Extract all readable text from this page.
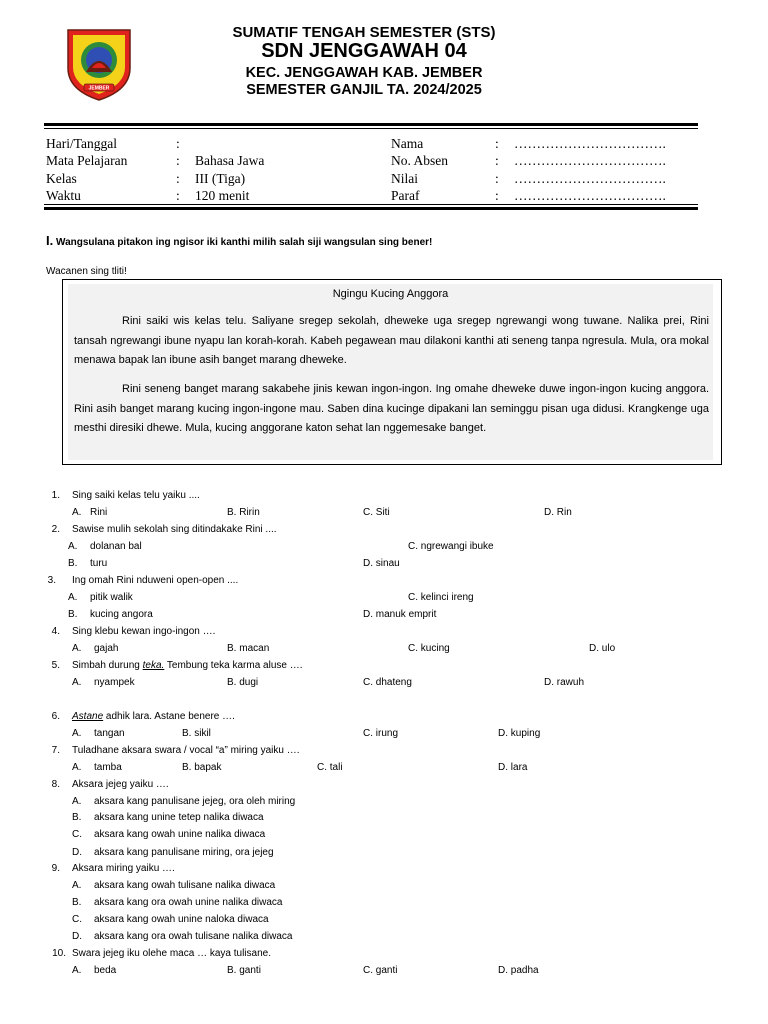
JEMBER
SUMATIF TENGAH SEMESTER (STS)
SDN JENGGAWAH 04
KEC. JENGGAWAH KAB. JEMBER
SEMESTER GANJIL TA. 2024/2025
Hari/Tanggal	:	Nama	: …………………………….
Mata Pelajaran	: Bahasa Jawa	No. Absen	: …………………………….
Kelas	: III (Tiga)	Nilai	: …………………………….
Waktu	: 120 menit	Paraf	: …………………………….
I. Wangsulana pitakon ing ngisor iki kanthi milih salah siji wangsulan sing bener!
Wacanen sing tliti!
Ngingu Kucing Anggora

Rini saiki wis kelas telu. Saliyane sregep sekolah, dheweke uga sregep ngrewangi wong tuwane. Nalika prei, Rini tansah ngrewangi ibune nyapu lan korah-korah. Kabeh pegawean mau dilakoni kanthi ati seneng tanpa ngresula. Mula, ora mokal menawa bapak lan ibune asih banget marang dheweke.

Rini seneng banget marang sakabehe jinis kewan ingon-ingon. Ing omahe dheweke duwe ingon-ingon kucing anggora. Rini asih banget marang kucing ingon-ingone mau. Saben dina kucinge dipakani lan seminggu pisan uga didusi. Krangkenge uga mesthi diresiki dhewe. Mula, kucing anggorane katon sehat lan nggemesake banget.

1. Sing saiki kelas telu yaiku ....
A. Rini	B. Ririn	C. Siti	D. Rin
2. Sawise mulih sekolah sing ditindakake Rini ....
A. dolanan bal	C. ngrewangi ibuke
B. turu	D. sinau
3. Ing omah Rini nduweni open-open ....
A. pitik walik	C. kelinci ireng
B. kucing angora	D. manuk emprit
4. Sing klebu kewan ingo-ingon ….
A. gajah	B. macan	C. kucing	D. ulo
5. Simbah durung teka. Tembung teka karma aluse ….
A. nyampek	B. dugi	C. dhateng	D. rawuh
6. Astane adhik lara. Astane benere ….
A. tangan	B. sikil	C. irung	D. kuping
7. Tuladhane aksara swara / vocal “a” miring yaiku ….
A. tamba	B. bapak	C. tali	D. lara
8. Aksara jejeg yaiku ….
A. aksara kang panulisane jejeg, ora oleh miring
B. aksara kang unine tetep nalika diwaca
C. aksara kang owah unine nalika diwaca
D. aksara kang panulisane miring, ora jejeg
9. Aksara miring yaiku ….
A. aksara kang owah tulisane nalika diwaca
B. aksara kang ora owah unine nalika diwaca
C. aksara kang owah unine naloka diwaca
D. aksara kang ora owah tulisane nalika diwaca
10. Swara jejeg iku olehe maca … kaya tulisane.
A. beda	B. ganti	C. ganti	D. padha
